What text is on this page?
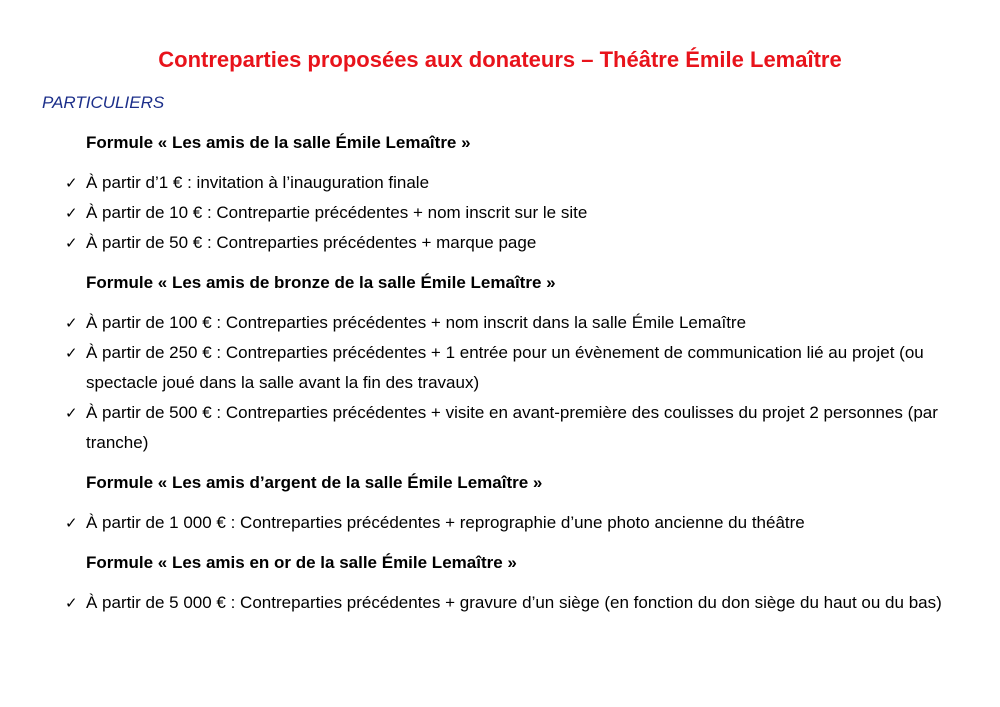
Contreparties proposées aux donateurs – Théâtre Émile Lemaître
PARTICULIERS
Formule « Les amis de la salle Émile Lemaître »
✓ À partir d’1 € : invitation à l’inauguration finale
✓ À partir de 10 € : Contrepartie précédentes + nom inscrit sur le site
✓ À partir de 50 € : Contreparties précédentes + marque page
Formule « Les amis de bronze de la salle Émile Lemaître »
✓ À partir de 100 € : Contreparties précédentes + nom inscrit dans la salle Émile Lemaître
✓ À partir de 250 € : Contreparties précédentes + 1 entrée pour un évènement de communication lié au projet (ou spectacle joué dans la salle avant la fin des travaux)
✓ À partir de 500 € : Contreparties précédentes + visite en avant-première des coulisses du projet 2 personnes (par tranche)
Formule « Les amis d’argent de la salle Émile Lemaître »
✓ À partir de 1 000 € : Contreparties précédentes + reprographie d’une photo ancienne du théâtre
Formule « Les amis en or de la salle Émile Lemaître »
✓ À partir de 5 000 € : Contreparties précédentes + gravure d’un siège (en fonction du don siège du haut ou du bas)
